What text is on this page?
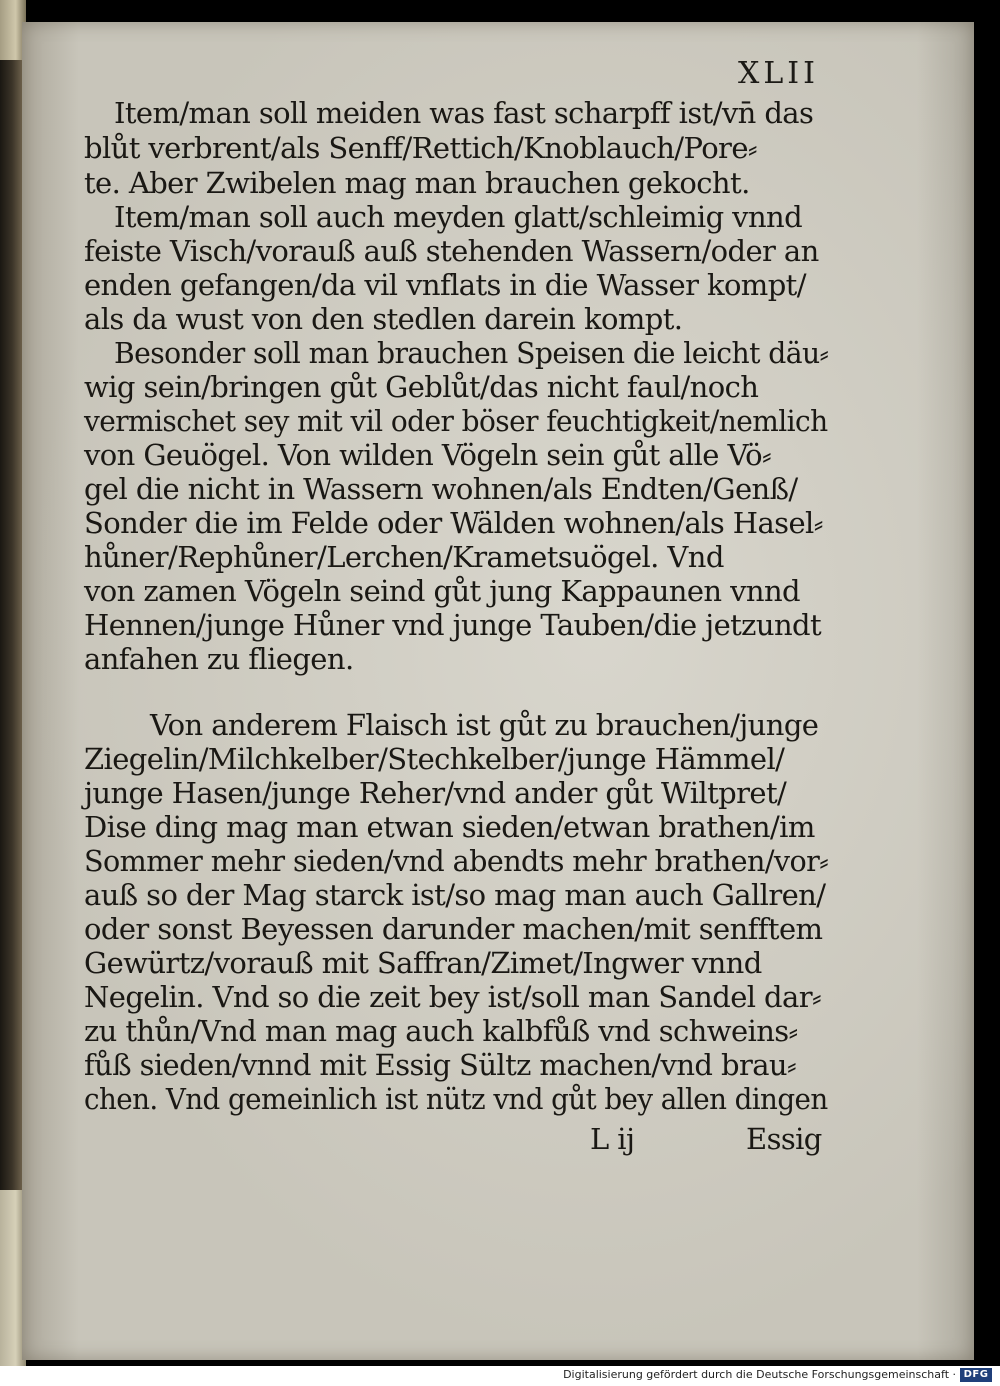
XLII
Item/man soll meiden was fast scharpff ist/vn̄ das
blůt verbrent/als Senff/Rettich/Knoblauch/Pore⸗
te. Aber Zwibelen mag man brauchen gekocht.
Item/man soll auch meyden glatt/schleimig vnnd
feiste Visch/vorauß auß stehenden Wassern/oder an
enden gefangen/da vil vnflats in die Wasser kompt/
als da wust von den stedlen darein kompt.
Besonder soll man brauchen Speisen die leicht däu⸗
wig sein/bringen gůt Geblůt/das nicht faul/noch
vermischet sey mit vil oder böser feuchtigkeit/nemlich
von Geuögel. Von wilden Vögeln sein gůt alle Vö⸗
gel die nicht in Wassern wohnen/als Endten/Genß/
Sonder die im Felde oder Wälden wohnen/als Hasel⸗
hůner/Rephůner/Lerchen/Krametsuögel. Vnd
von zamen Vögeln seind gůt jung Kappaunen vnnd
Hennen/junge Hůner vnd junge Tauben/die jetzundt
anfahen zu fliegen.
Von anderem Flaisch ist gůt zu brauchen/junge
Ziegelin/Milchkelber/Stechkelber/junge Hämmel/
junge Hasen/junge Reher/vnd ander gůt Wiltpret/
Dise ding mag man etwan sieden/etwan brathen/im
Sommer mehr sieden/vnd abendts mehr brathen/vor⸗
auß so der Mag starck ist/so mag man auch Gallren/
oder sonst Beyessen darunder machen/mit senfftem
Gewürtz/vorauß mit Saffran/Zimet/Ingwer vnnd
Negelin. Vnd so die zeit bey ist/soll man Sandel dar⸗
zu thůn/Vnd man mag auch kalbfůß vnd schweins⸗
fůß sieden/vnnd mit Essig Sültz machen/vnd brau⸗
chen. Vnd gemeinlich ist nütz vnd gůt bey allen dingen
L ij	Essig
Digitalisierung gefördert durch die Deutsche Forschungsgemeinschaft · DFG
